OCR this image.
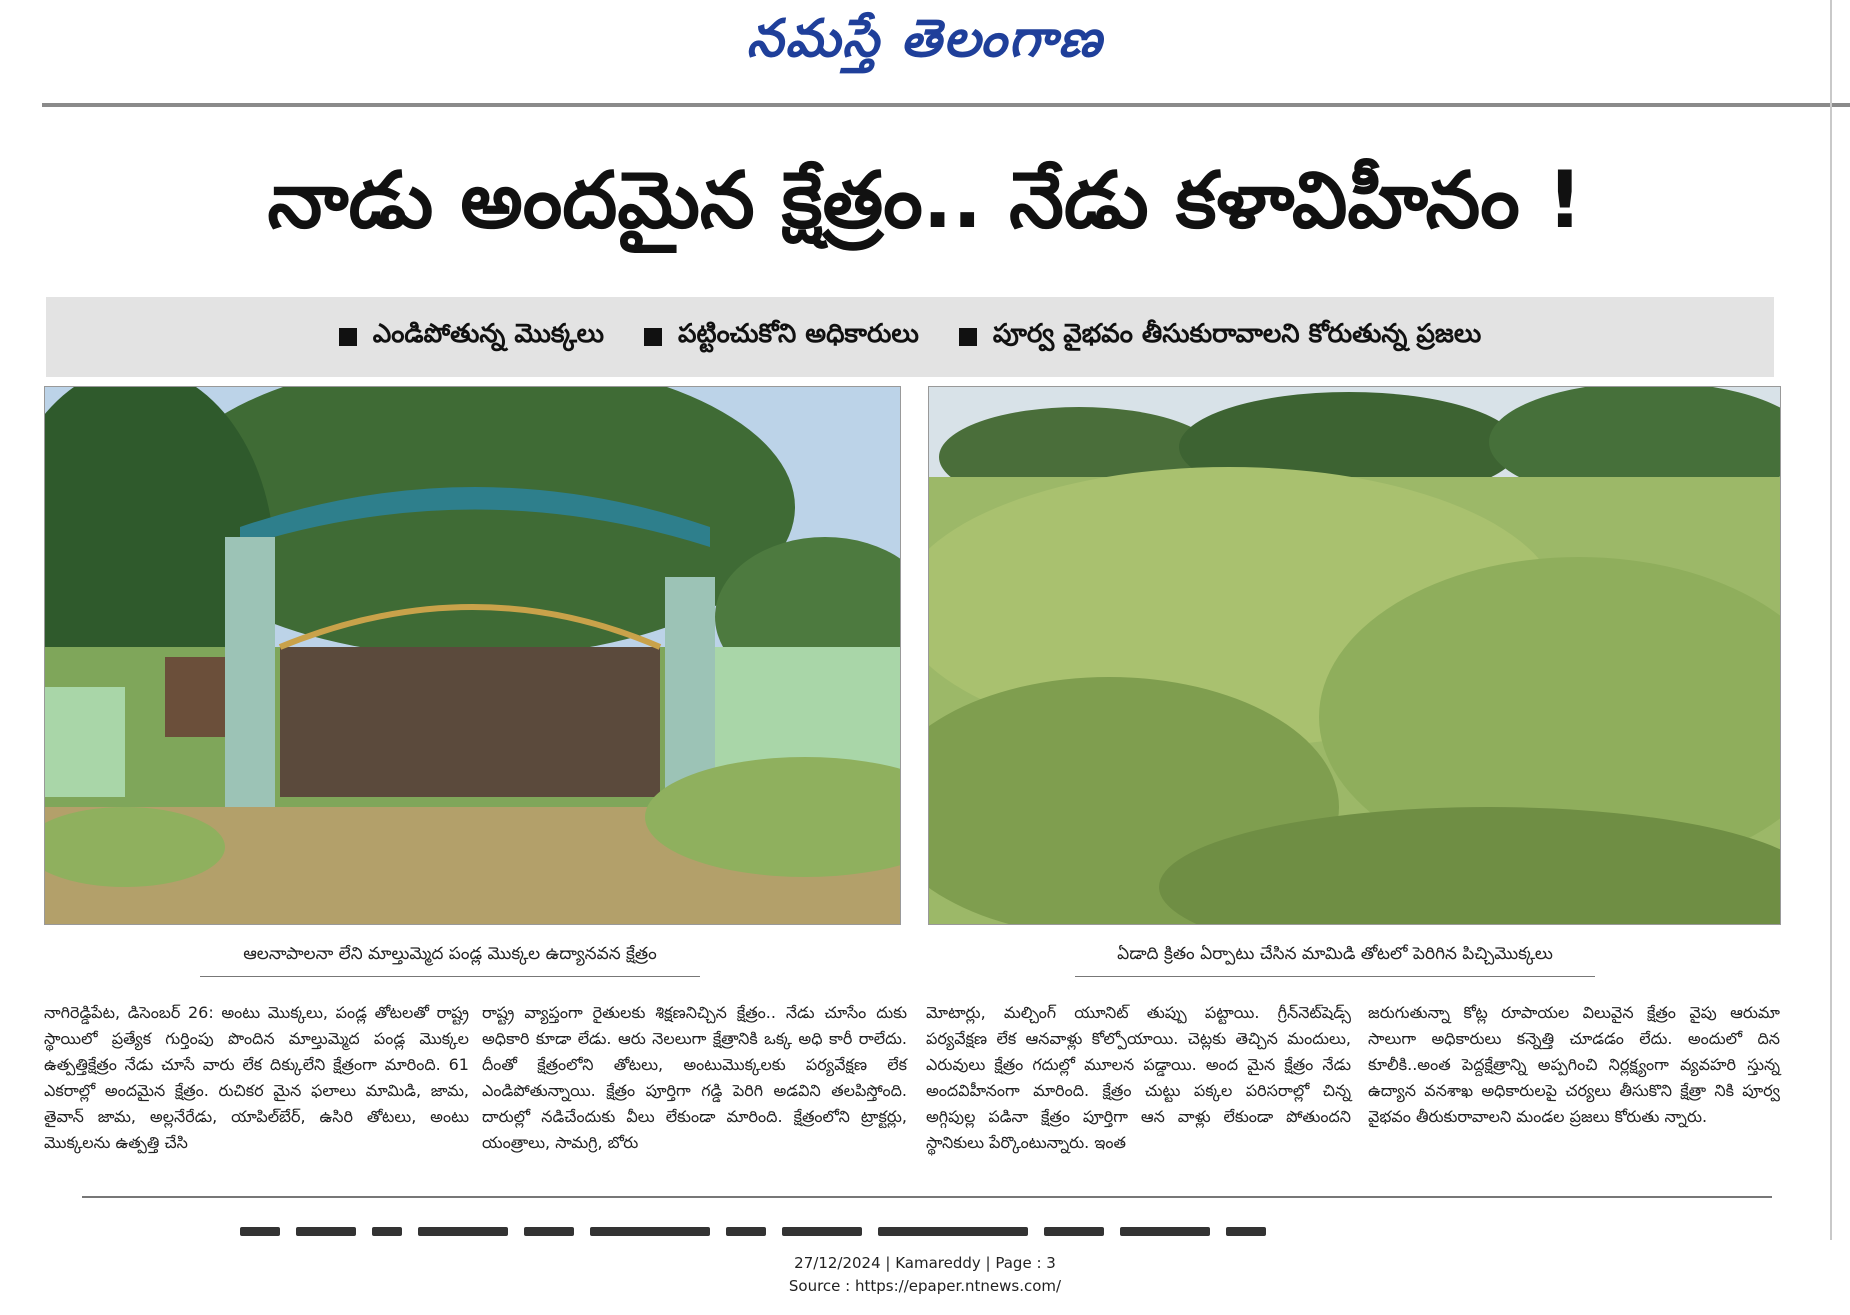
నమస్తే తెలంగాణ
నాడు అందమైన క్షేత్రం.. నేడు కళావిహీనం !
ఎండిపోతున్న మొక్కలు	పట్టించుకోని అధికారులు	పూర్వ వైభవం తీసుకురావాలని కోరుతున్న ప్రజలు
ఆలనాపాలనా లేని మాల్తుమ్మెద పండ్ల మొక్కల ఉద్యానవన క్షేత్రం	ఏడాది క్రితం ఏర్పాటు చేసిన మామిడి తోటలో పెరిగిన పిచ్చిమొక్కలు
నాగిరెడ్డిపేట, డిసెంబర్ 26: అంటు మొక్కలు, పండ్ల తోటలతో రాష్ట్ర స్థాయిలో ప్రత్యేక గుర్తింపు పొందిన మాల్తుమ్మెద పండ్ల మొక్కల ఉత్పత్తిక్షేత్రం నేడు చూసే వారు లేక దిక్కులేని క్షేత్రంగా మారింది. 61 ఎకరాల్లో అందమైన క్షేత్రం. రుచికర మైన ఫలాలు మామిడి, జామ, తైవాన్ జామ, అల్లనేరేడు, యాపిల్‌బేర్, ఉసిరి తోటలు, అంటు మొక్కలను ఉత్పత్తి చేసి
రాష్ట్ర వ్యాప్తంగా రైతులకు శిక్షణనిచ్చిన క్షేత్రం.. నేడు చూసేం దుకు అధికారి కూడా లేడు. ఆరు నెలలుగా క్షేత్రానికి ఒక్క అధి కారీ రాలేదు. దీంతో క్షేత్రంలోని తోటలు, అంటుమొక్కలకు పర్యవేక్షణ లేక ఎండిపోతున్నాయి. క్షేత్రం పూర్తిగా గడ్డి పెరిగి అడవిని తలపిస్తోంది. దారుల్లో నడిచేందుకు వీలు లేకుండా మారింది. క్షేత్రంలోని ట్రాక్టర్లు, యంత్రాలు, సామగ్రి, బోరు
మోటార్లు, మల్చింగ్ యూనిట్ తుప్పు పట్టాయి. గ్రీన్‌నెట్‌షెడ్స్ పర్యవేక్షణ లేక ఆనవాళ్లు కోల్పోయాయి. చెట్లకు తెచ్చిన మందులు, ఎరువులు క్షేత్రం గదుల్లో మూలన పడ్డాయి. అంద మైన క్షేత్రం నేడు అందవిహీనంగా మారింది. క్షేత్రం చుట్టు పక్కల పరిసరాల్లో చిన్న అగ్గిపుల్ల పడినా క్షేత్రం పూర్తిగా ఆన వాళ్లు లేకుండా పోతుందని స్థానికులు పేర్కొంటున్నారు. ఇంత
జరుగుతున్నా కోట్ల రూపాయల విలువైన క్షేత్రం వైపు ఆరుమా సాలుగా అధికారులు కన్నెత్తి చూడడం లేదు. అందులో దిన కూలీకి..అంత పెద్దక్షేత్రాన్ని అప్పగించి నిర్లక్ష్యంగా వ్యవహరి స్తున్న ఉద్యాన వనశాఖ అధికారులపై చర్యలు తీసుకొని క్షేత్రా నికి పూర్వ వైభవం తీరుకురావాలని మండల ప్రజలు కోరుతు న్నారు.
27/12/2024 | Kamareddy | Page : 3
Source : https://epaper.ntnews.com/
